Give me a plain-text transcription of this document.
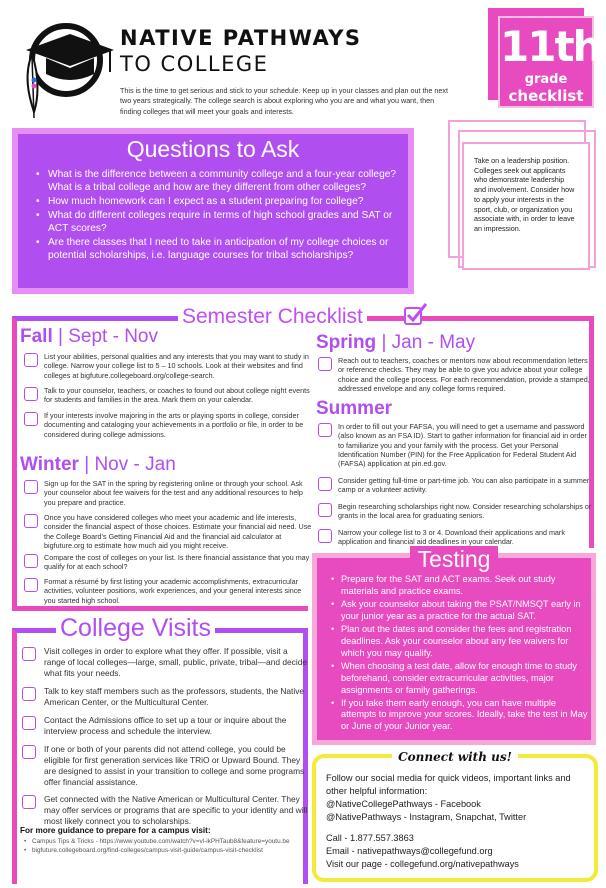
NATIVE PATHWAYS
TO COLLEGE
This is the time to get serious and stick to your schedule. Keep up in your classes and plan out the next two years strategically. The college search is about exploring who you are and what you want, then finding colleges that will meet your goals and interests.
11th
grade
checklist
Questions to Ask
• What is the difference between a community college and a four-year college? What is a tribal college and how are they different from other colleges?
• How much homework can I expect as a student preparing for college?
• What do different colleges require in terms of high school grades and SAT or ACT scores?
• Are there classes that I need to take in anticipation of my college choices or potential scholarships, i.e. language courses for tribal scholarships?
Take on a leadership position. Colleges seek out applicants who demonstrate leadership and involvement. Consider how to apply your interests in the sport, club, or organization you associate with, in order to leave an impression.
Semester Checklist
Fall | Sept - Nov
List your abilities, personal qualities and any interests that you may want to study in college. Narrow your college list to 5 – 10 schools. Look at their websites and find colleges at bigfuture.collegeboard.org/college-search.
Talk to your counselor, teachers, or coaches to found out about college night events for students and families in the area. Mark them on your calendar.
If your interests involve majoring in the arts or playing sports in college, consider documenting and cataloging your achievements in a portfolio or file, in order to be considered during college admissions.
Winter | Nov - Jan
Sign up for the SAT in the spring by registering online or through your school. Ask your counselor about fee waivers for the test and any additional resources to help you prepare and practice.
Once you have considered colleges who meet your academic and life interests, consider the financial aspect of those choices. Estimate your financial aid need. Use the College Board’s Getting Financial Aid and the financial aid calculator at bigfuture.org to estimate how much aid you might receive.
Compare the cost of colleges on your list. Is there financial assistance that you may qualify for at each school?
Format a résumé by first listing your academic accomplishments, extracurricular activities, volunteer positions, work experiences, and your general interests since you started high school.
Spring | Jan - May
Reach out to teachers, coaches or mentors now about recommendation letters or reference checks. They may be able to give you advice about your college choice and the college process. For each recommendation, provide a stamped, addressed envelope and any college forms required.
Summer
In order to fill out your FAFSA, you will need to get a username and password (also known as an FSA ID). Start to gather information for financial aid in order to familiarize you and your family with the process. Get your Personal Identification Number (PIN) for the Free Application for Federal Student Aid (FAFSA) application at pin.ed.gov.
Consider getting full-time or part-time job. You can also participate in a summer camp or a volunteer activity.
Begin researching scholarships right now. Consider researching scholarships or grants in the local area for graduating seniors.
Narrow your college list to 3 or 4. Download their applications and mark application and financial aid deadlines in your calendar.
College Visits
Visit colleges in order to explore what they offer. If possible, visit a range of local colleges—large, small, public, private, tribal—and decide what fits your needs.
Talk to key staff members such as the professors, students, the Native American Center, or the Multicultural Center.
Contact the Admissions office to set up a tour or inquire about the interview process and schedule the interview.
If one or both of your parents did not attend college, you could be eligible for first generation services like TRiO or Upward Bound. They are designed to assist in your transition to college and some programs offer financial assistance.
Get connected with the Native American or Multicultural Center. They may offer services or programs that are specific to your identity and will most likely connect you to scholarships.
For more guidance to prepare for a campus visit:
• Campus Tips & Tricks - https://www.youtube.com/watch?v=vl-ikPHTaub8&feature=youtu.be
• bigfuture.collegeboard.org/find-colleges/campus-visit-guide/campus-visit-checklist
Testing
• Prepare for the SAT and ACT exams. Seek out study materials and practice exams.
• Ask your counselor about taking the PSAT/NMSQT early in your junior year as a practice for the actual SAT.
• Plan out the dates and consider the fees and registration deadlines. Ask your counselor about any fee waivers for which you may qualify.
• When choosing a test date, allow for enough time to study beforehand, consider extracurricular activities, major assignments or family gatherings.
• If you take them early enough, you can have multiple attempts to improve your scores. Ideally, take the test in May or June of your Junior year.
Connect with us!
Follow our social media for quick videos, important links and
other helpful information:
@NativeCollegePathways - Facebook
@NativePathways - Instagram, Snapchat, Twitter
Call - 1.877.557.3863
Email - nativepathways@collegefund.org
Visit our page - collegefund.org/nativepathways
